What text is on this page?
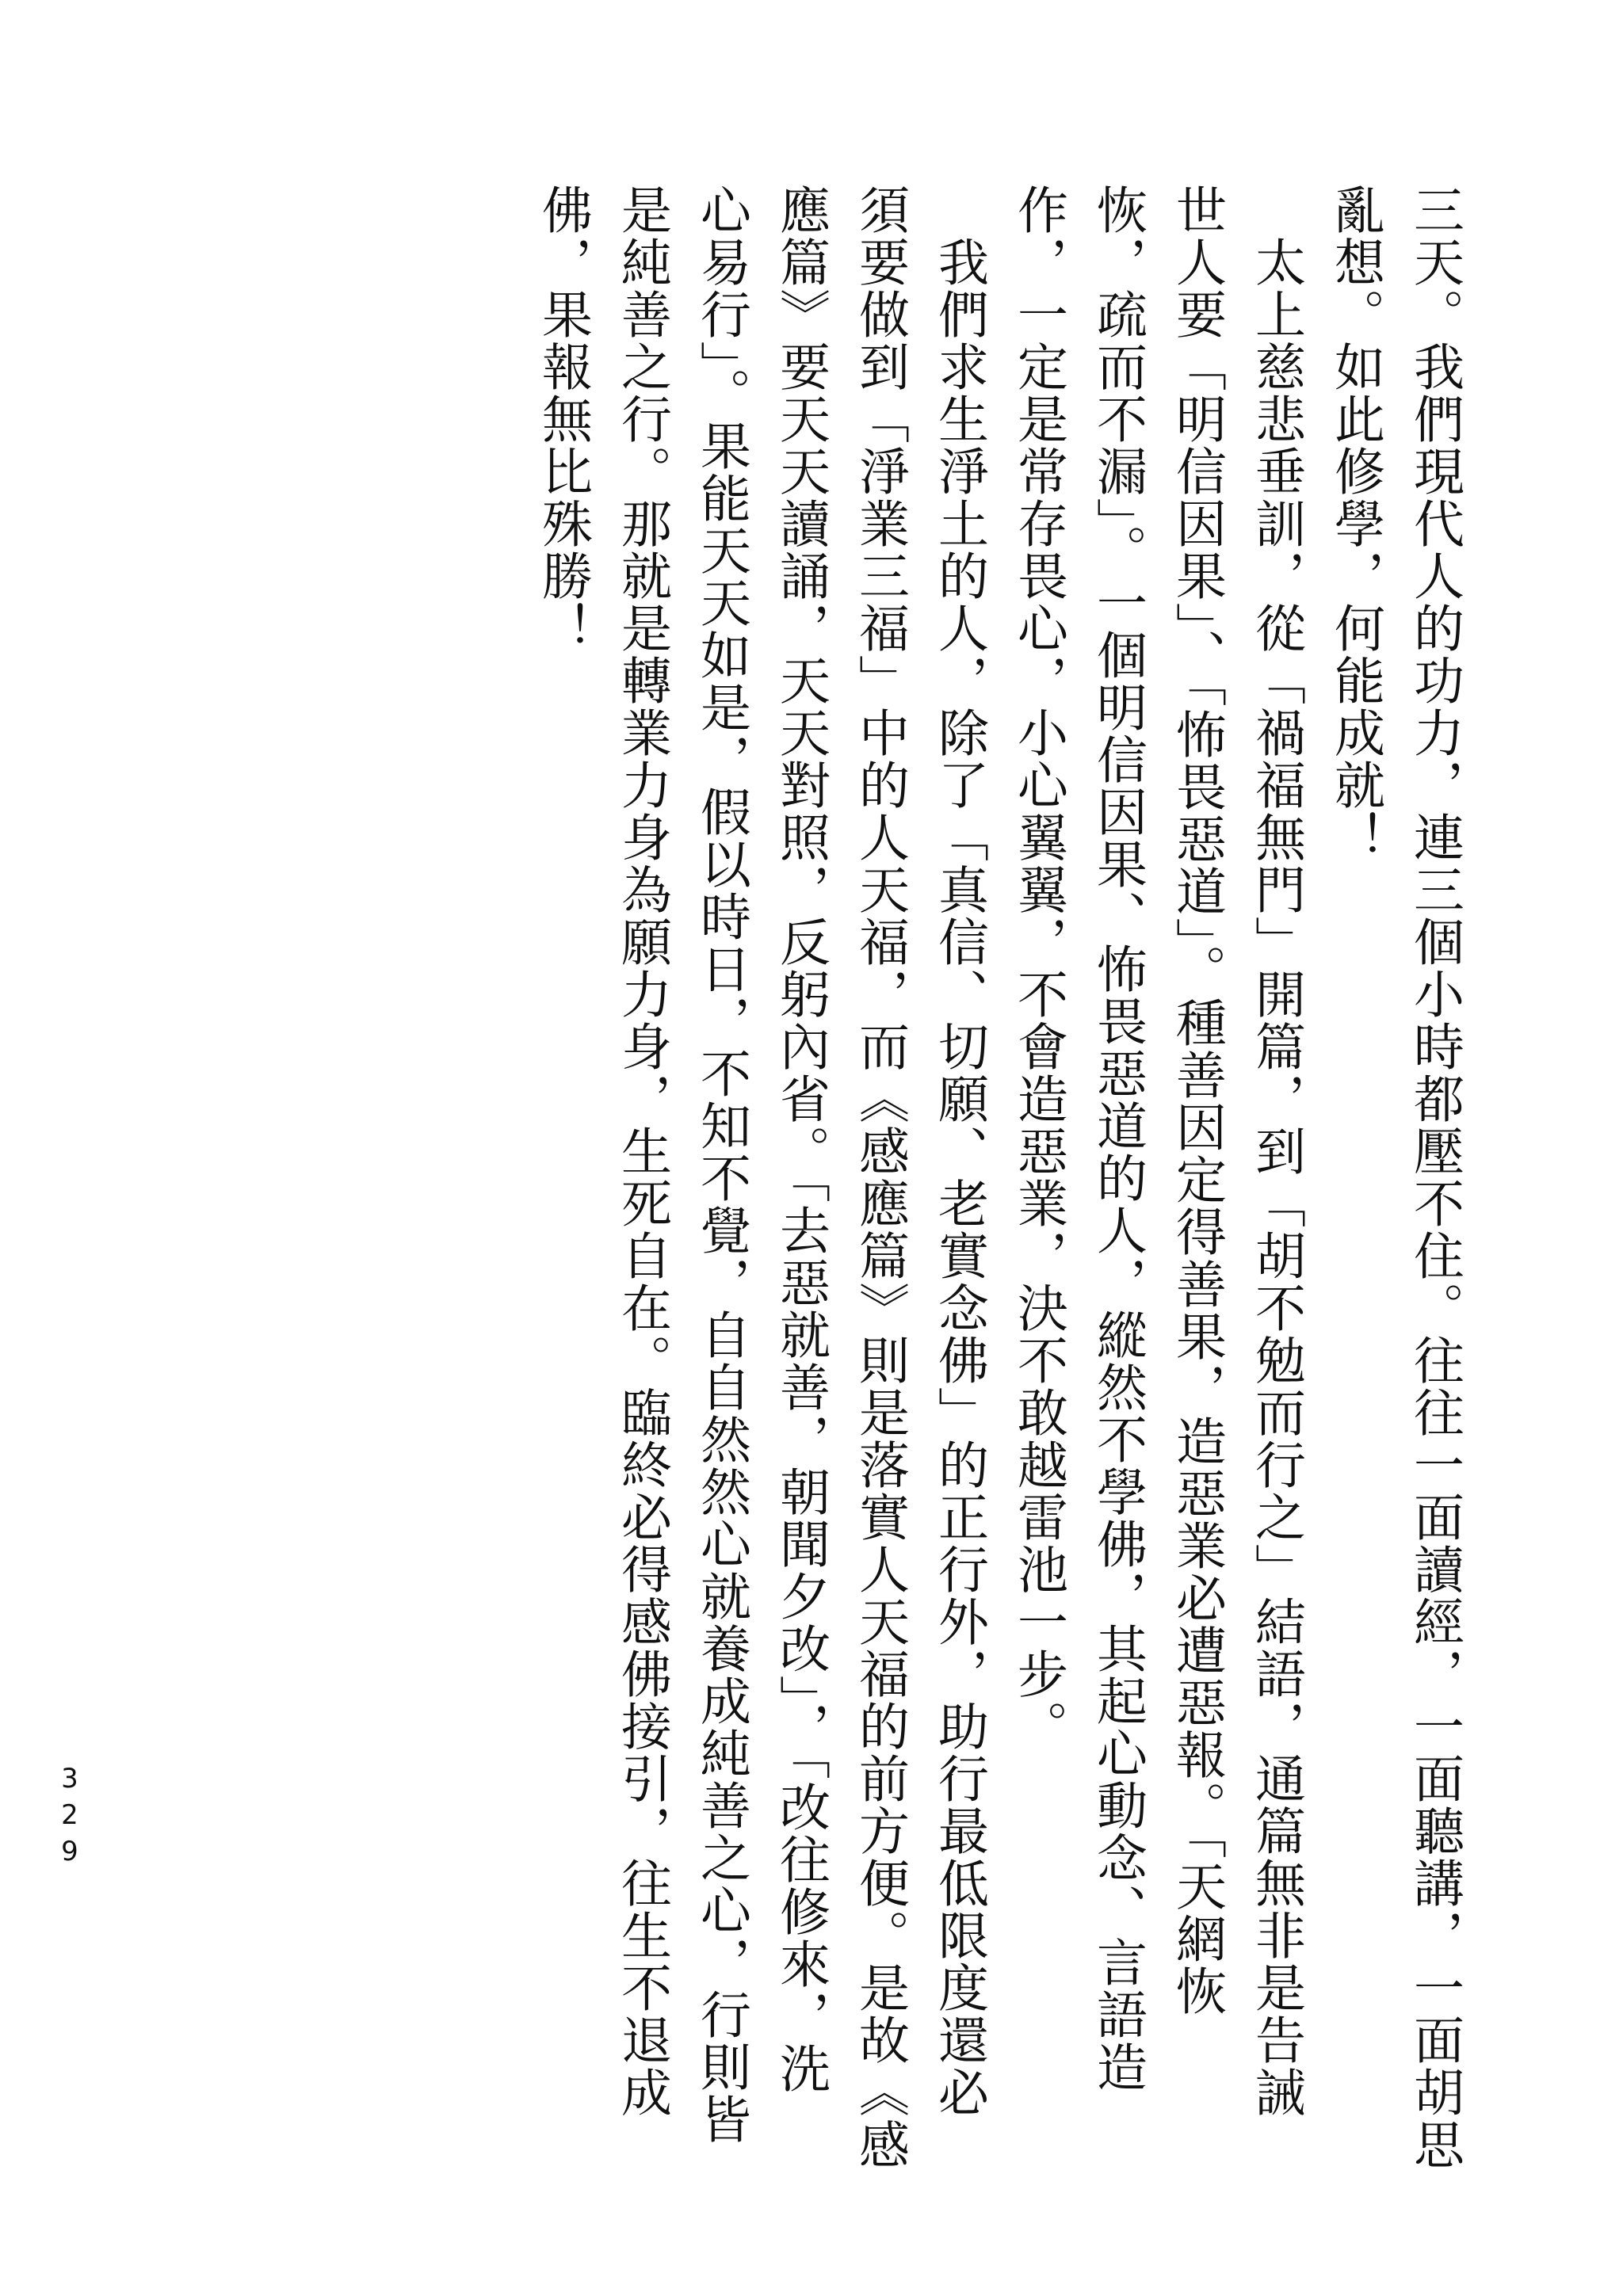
三天。我們現代人的功力，連三個小時都壓不住。往往一面讀經，一面聽講，一面胡思
亂想。如此修學，何能成就！
　太上慈悲垂訓，從「禍福無門」開篇，到「胡不勉而行之」結語，通篇無非是告誡
世人要「明信因果」、「怖畏惡道」。種善因定得善果，造惡業必遭惡報。「天網恢
恢，疏而不漏」。一個明信因果、怖畏惡道的人，縱然不學佛，其起心動念、言語造
作，一定是常存畏心，小心翼翼，不會造惡業，決不敢越雷池一步。
　我們求生淨土的人，除了「真信、切願、老實念佛」的正行外，助行最低限度還必
須要做到「淨業三福」中的人天福，而《感應篇》則是落實人天福的前方便。是故《感
應篇》要天天讀誦，天天對照，反躬內省。「去惡就善，朝聞夕改」，「改往修來，洗
心易行」。果能天天如是，假以時日，不知不覺，自自然然心就養成純善之心，行則皆
是純善之行。那就是轉業力身為願力身，生死自在。臨終必得感佛接引，往生不退成
佛，果報無比殊勝！
329
